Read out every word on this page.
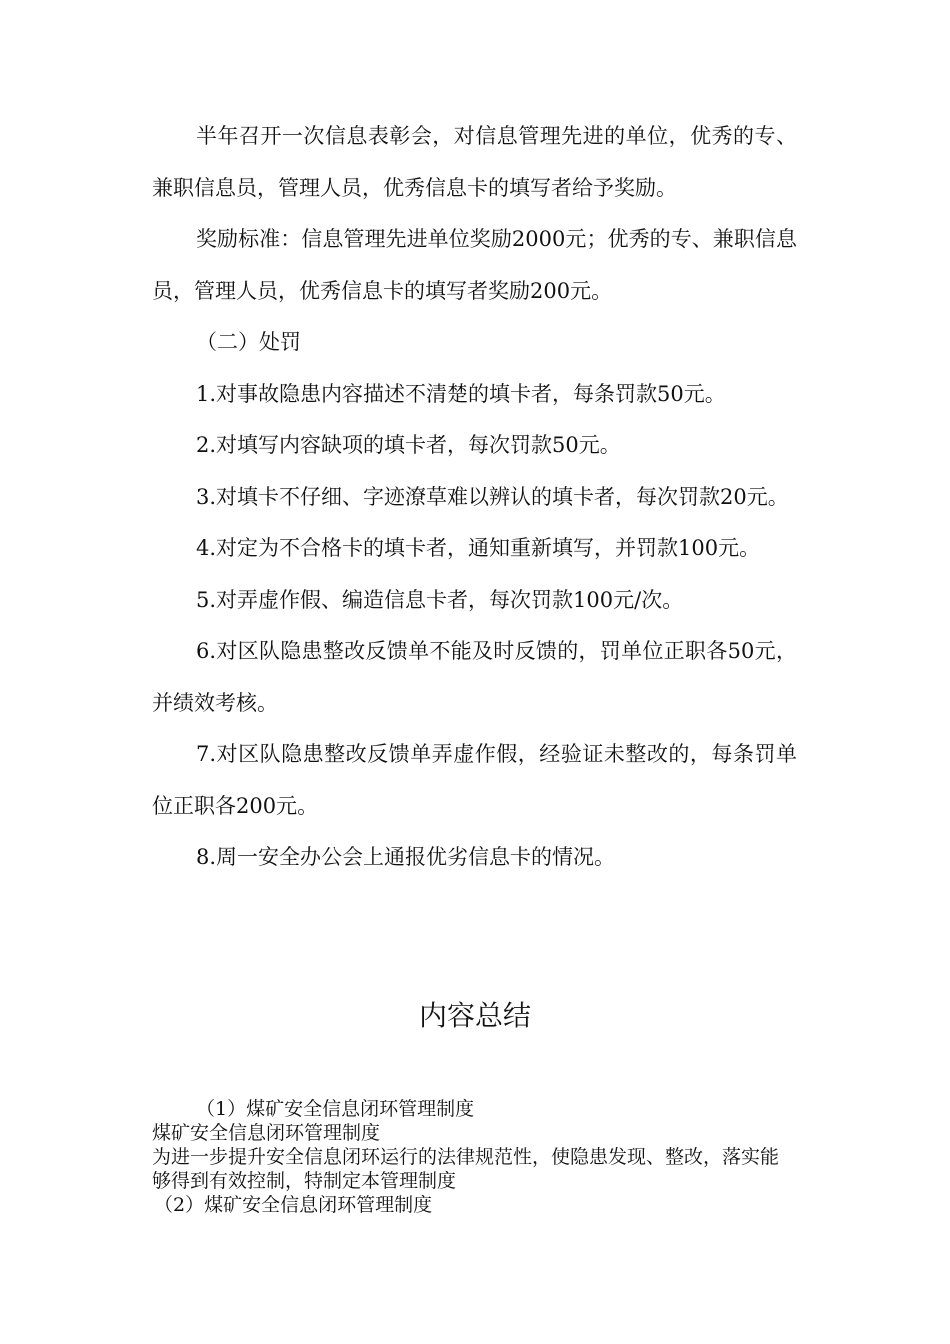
半年召开一次信息表彰会，对信息管理先进的单位，优秀的专、兼职信息员，管理人员，优秀信息卡的填写者给予奖励。

奖励标准：信息管理先进单位奖励2000元；优秀的专、兼职信息员，管理人员，优秀信息卡的填写者奖励200元。

（二）处罚

1.对事故隐患内容描述不清楚的填卡者，每条罚款50元。

2.对填写内容缺项的填卡者，每次罚款50元。

3.对填卡不仔细、字迹潦草难以辨认的填卡者，每次罚款20元。

4.对定为不合格卡的填卡者，通知重新填写，并罚款100元。

5.对弄虚作假、编造信息卡者，每次罚款100元/次。

6.对区队隐患整改反馈单不能及时反馈的，罚单位正职各50元，并绩效考核。

7.对区队隐患整改反馈单弄虚作假，经验证未整改的，每条罚单位正职各200元。

8.周一安全办公会上通报优劣信息卡的情况。

内容总结

（1）煤矿安全信息闭环管理制度

煤矿安全信息闭环管理制度

为进一步提升安全信息闭环运行的法律规范性，使隐患发现、整改，落实能够得到有效控制，特制定本管理制度

（2）煤矿安全信息闭环管理制度
